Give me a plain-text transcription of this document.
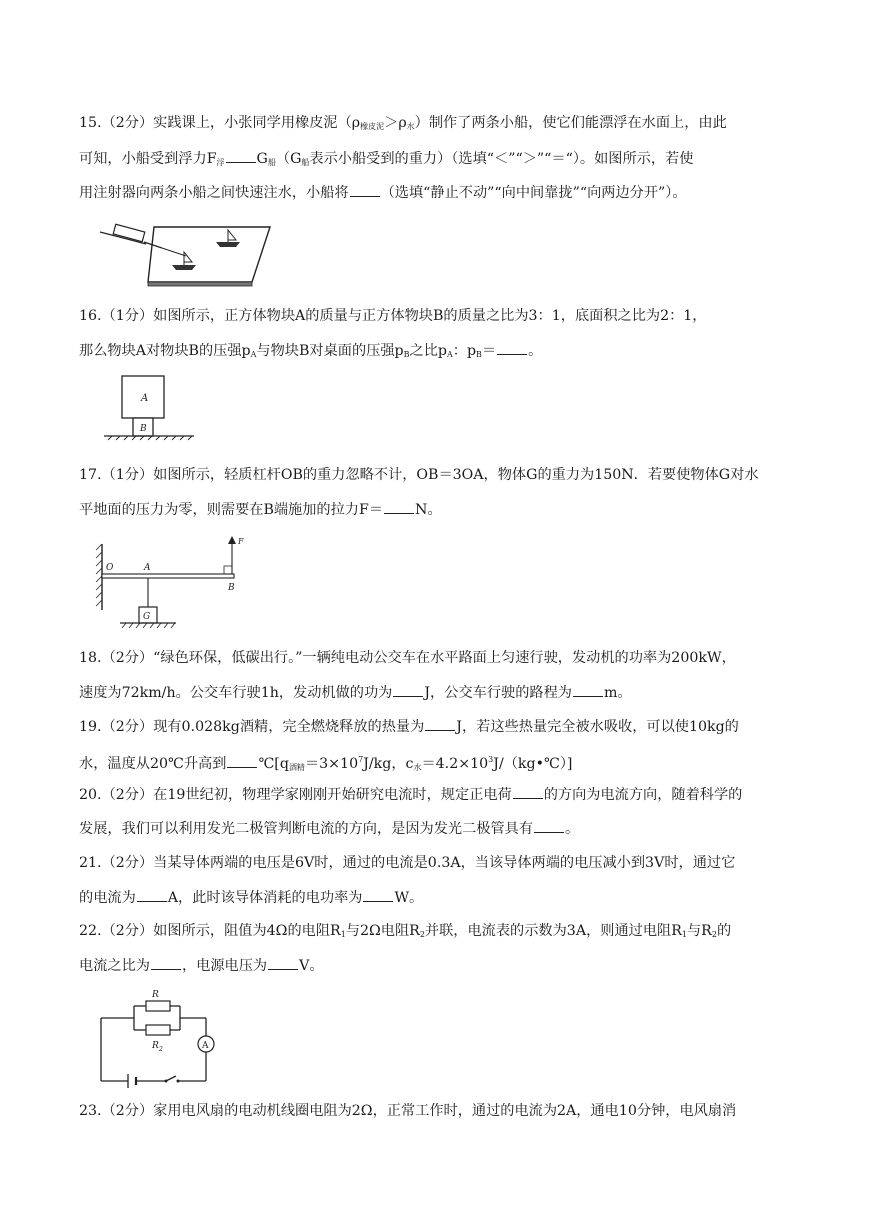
15.（2分）实践课上，小张同学用橡皮泥$(\rho_{橡皮泥}>\rho_水)$制作了两条小船，使它们能漂浮在水面上，由此
可知，小船受到浮力$F_浮$ $G_船(G_船$表示小船受到的重力）（选填“＜”“＞”“＝“）。如图所示，若使
用注射器向两条小船之间快速注水，小船将 （选填“静止不动”“向中间靠拢”“向两边分开”）。
16.（1分）如图所示，正方体物块A的质量与正方体物块B的质量之比为3：1，底面积之比为2：1，
那么物块A对物块B的压强$p_A$与物块B对桌面的压强$p_B$之比$p_A$：$p_B=$ 。
A
B
17.（1分）如图所示，轻质杠杆OB的重力忽略不计，OB＝3OA，物体G的重力为150N．若要使物体G对水
平地面的压力为零，则需要在B端施加的拉力F＝ N。
O	A
F
B
G
18.（2分）“绿色环保，低碳出行。”一辆纯电动公交车在水平路面上匀速行驶，发动机的功率为200kW，
速度为72km/h。公交车行驶1h，发动机做的功为 J，公交车行驶的路程为 m。
19.（2分）现有0.028kg酒精，完全燃烧释放的热量为 J，若这些热量完全被水吸收，可以使10kg的
水，温度从20℃升高到 $℃[q_{酒精}=3\times 10^7J/kg$，$c_水=4.2\times 10^3J/(kg•℃)$]
20.（2分）在19世纪初，物理学家刚刚开始研究电流时，规定正电荷 的方向为电流方向，随着科学的
发展，我们可以利用发光二极管判断电流的方向，是因为发光二极管具有 。
21.（2分）当某导体两端的电压是6V时，通过的电流是0.3A，当该导体两端的电压减小到3V时，通过它
的电流为 A，此时该导体消耗的电功率为 W。
22.（2分）如图所示，阻值为4Ω的电阻$R_1$与2Ω电阻$R_2$并联，电流表的示数为3A，则通过电阻$R_1$与$R_2$的
电流之比为 ，电源电压为 V。
R
R 2	A
23.（2分）家用电风扇的电动机线圈电阻为2Ω，正常工作时，通过的电流为2A，通电10分钟，电风扇消
